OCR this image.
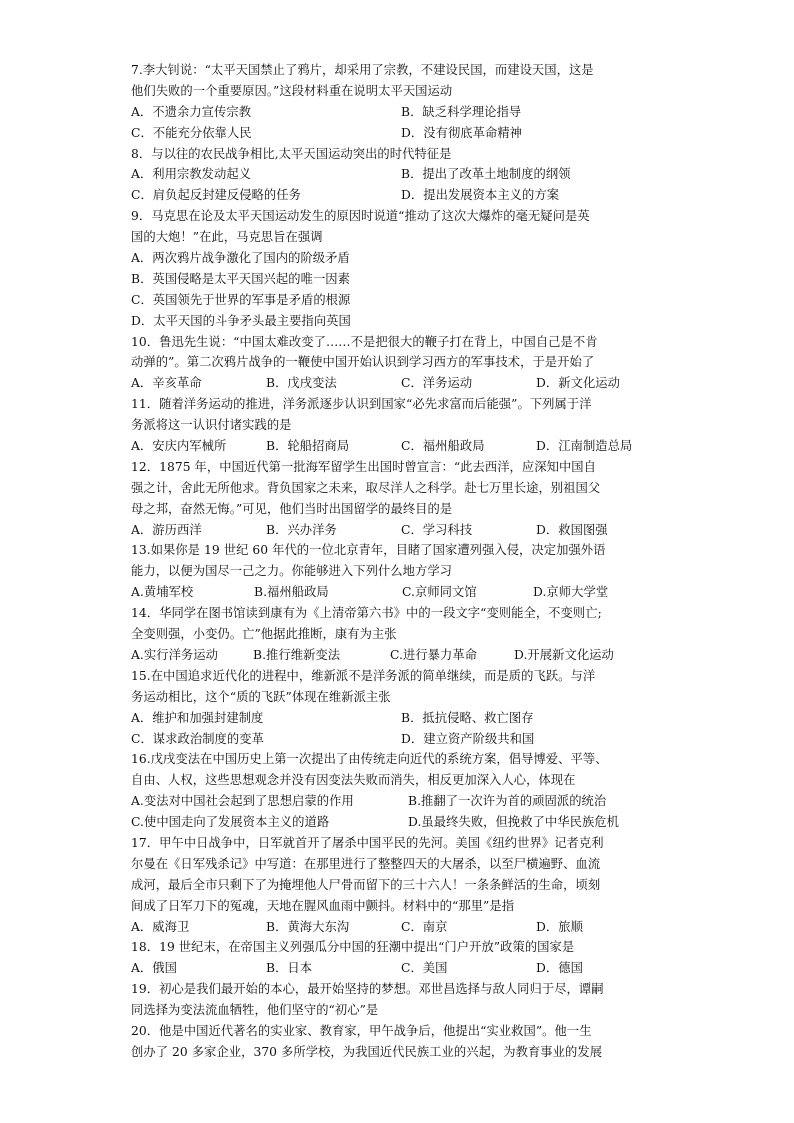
7.李大钊说：“太平天国禁止了鸦片，却采用了宗教，不建设民国，而建设天国，这是
他们失败的一个重要原因。”这段材料重在说明太平天国运动
A．不遗余力宣传宗教	B．缺乏科学理论指导
C．不能充分依靠人民	D．没有彻底革命精神
8．与以往的农民战争相比,太平天国运动突出的时代特征是
A．利用宗教发动起义	B．提出了改革土地制度的纲领
C．肩负起反封建反侵略的任务	D．提出发展资本主义的方案
9．马克思在论及太平天国运动发生的原因时说道“推动了这次大爆炸的毫无疑问是英
国的大炮！”在此，马克思旨在强调
A．两次鸦片战争激化了国内的阶级矛盾
B．英国侵略是太平天国兴起的唯一因素
C．英国领先于世界的军事是矛盾的根源
D．太平天国的斗争矛头最主要指向英国
10．鲁迅先生说：“中国太难改变了……不是把很大的鞭子打在背上，中国自己是不肯
动弹的”。第二次鸦片战争的一鞭使中国开始认识到学习西方的军事技术，于是开始了
A．辛亥革命	B．戊戌变法	C．洋务运动	D．新文化运动
11．随着洋务运动的推进，洋务派逐步认识到国家“必先求富而后能强”。下列属于洋
务派将这一认识付诸实践的是
A．安庆内军械所	B．轮船招商局	C．福州船政局	D．江南制造总局
12．1875 年，中国近代第一批海军留学生出国时曾宣言：“此去西洋，应深知中国自
强之计，舍此无所他求。背负国家之未来，取尽洋人之科学。赴七万里长途，别祖国父
母之邦，奋然无悔。”可见，他们当时出国留学的最终目的是
A．游历西洋	B．兴办洋务	C．学习科技	D．救国图强
13.如果你是 19 世纪 60 年代的一位北京青年，目睹了国家遭列强入侵，决定加强外语
能力，以便为国尽一己之力。你能够进入下列什么地方学习
A.黄埔军校	B.福州船政局	C.京师同文馆	D.京师大学堂
14．华同学在图书馆读到康有为《上清帝第六书》中的一段文字“变则能全，不变则亡;
全变则强，小变仍。亡”他据此推断，康有为主张
A.实行洋务运动	B.推行维新变法	C.进行暴力革命	D.开展新文化运动
15.在中国追求近代化的进程中，维新派不是洋务派的简单继续，而是质的飞跃。与洋
务运动相比，这个“质的飞跃”体现在维新派主张
A．维护和加强封建制度	B．抵抗侵略、救亡图存
C．谋求政治制度的变革	D．建立资产阶级共和国
16.戊戌变法在中国历史上第一次提出了由传统走向近代的系统方案，倡导博爱、平等、
自由、人权，这些思想观念并没有因变法失败而消失，相反更加深入人心，体现在
A.变法对中国社会起到了思想启蒙的作用	B.推翻了一次许为首的顽固派的统治
C.使中国走向了发展资本主义的道路	D.虽最终失败，但挽救了中华民族危机
17．甲午中日战争中，日军就首开了屠杀中国平民的先河。美国《纽约世界》记者克利
尔曼在《日军残杀记》中写道：在那里进行了整整四天的大屠杀，以至尸横遍野、血流
成河，最后全市只剩下了为掩埋他人尸骨而留下的三十六人！一条条鲜活的生命，顷刻
间成了日军刀下的冤魂，天地在腥风血雨中颤抖。材料中的“那里”是指
A．威海卫	B．黄海大东沟	C．南京	D．旅顺
18．19 世纪末，在帝国主义列强瓜分中国的狂潮中提出“门户开放”政策的国家是
A．俄国	B．日本	C．美国	D．德国
19．初心是我们最开始的本心，最开始坚持的梦想。邓世昌选择与敌人同归于尽，谭嗣
同选择为变法流血牺牲，他们坚守的“初心”是
20．他是中国近代著名的实业家、教育家，甲午战争后，他提出“实业救国”。他一生
创办了 20 多家企业，370 多所学校，为我国近代民族工业的兴起，为教育事业的发展
